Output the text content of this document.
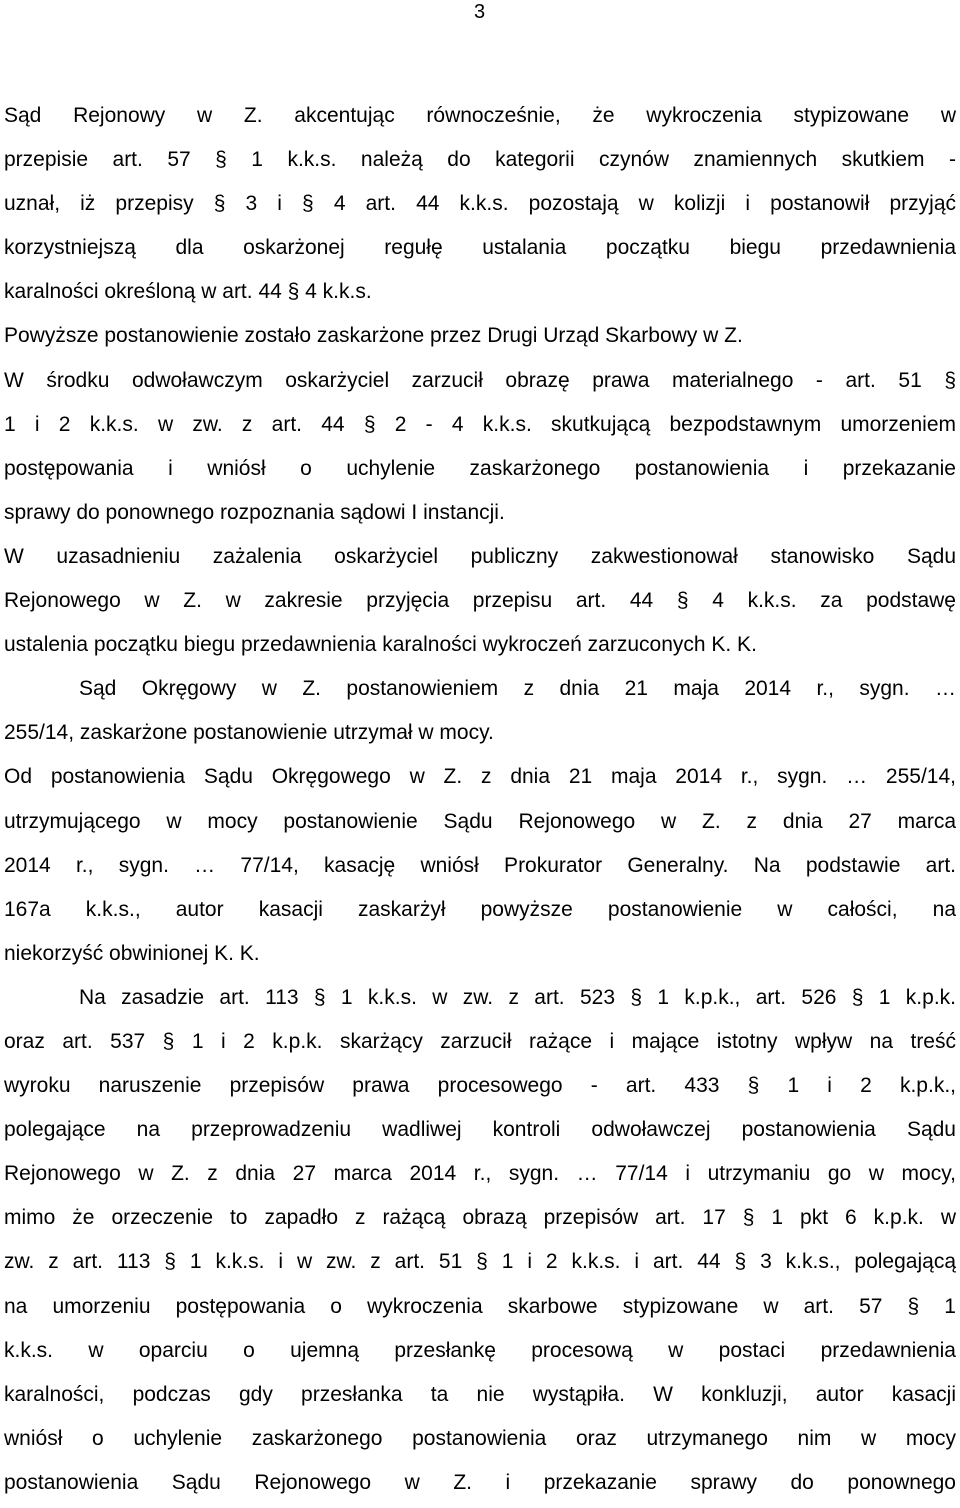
3
Sąd Rejonowy w Z. akcentując równocześnie, że wykroczenia stypizowane w
przepisie art. 57 § 1 k.k.s. należą do kategorii czynów znamiennych skutkiem -
uznał, iż przepisy § 3 i § 4 art. 44 k.k.s. pozostają w kolizji i postanowił przyjąć
korzystniejszą dla oskarżonej regułę ustalania początku biegu przedawnienia
karalności określoną w art. 44 § 4 k.k.s.
Powyższe postanowienie zostało zaskarżone przez Drugi Urząd Skarbowy w Z.
W środku odwoławczym oskarżyciel zarzucił obrazę prawa materialnego - art. 51 §
1 i 2 k.k.s. w zw. z art. 44 § 2 - 4 k.k.s. skutkującą bezpodstawnym umorzeniem
postępowania i wniósł o uchylenie zaskarżonego postanowienia i przekazanie
sprawy do ponownego rozpoznania sądowi I instancji.
W uzasadnieniu zażalenia oskarżyciel publiczny zakwestionował stanowisko Sądu
Rejonowego w Z. w zakresie przyjęcia przepisu art. 44 § 4 k.k.s. za podstawę
ustalenia początku biegu przedawnienia karalności wykroczeń zarzuconych K. K.
Sąd Okręgowy w Z. postanowieniem z dnia 21 maja 2014 r., sygn. …
255/14, zaskarżone postanowienie utrzymał w mocy.
Od postanowienia Sądu Okręgowego w Z. z dnia 21 maja 2014 r., sygn. … 255/14,
utrzymującego w mocy postanowienie Sądu Rejonowego w Z. z dnia 27 marca
2014 r., sygn. … 77/14, kasację wniósł Prokurator Generalny. Na podstawie art.
167a k.k.s., autor kasacji zaskarżył powyższe postanowienie w całości, na
niekorzyść obwinionej K. K.
Na zasadzie art. 113 § 1 k.k.s. w zw. z art. 523 § 1 k.p.k., art. 526 § 1 k.p.k.
oraz art. 537 § 1 i 2 k.p.k. skarżący zarzucił rażące i mające istotny wpływ na treść
wyroku naruszenie przepisów prawa procesowego - art. 433 § 1 i 2 k.p.k.,
polegające na przeprowadzeniu wadliwej kontroli odwoławczej postanowienia Sądu
Rejonowego w Z. z dnia 27 marca 2014 r., sygn. … 77/14 i utrzymaniu go w mocy,
mimo że orzeczenie to zapadło z rażącą obrazą przepisów art. 17 § 1 pkt 6 k.p.k. w
zw. z art. 113 § 1 k.k.s. i w zw. z art. 51 § 1 i 2 k.k.s. i art. 44 § 3 k.k.s., polegającą
na umorzeniu postępowania o wykroczenia skarbowe stypizowane w art. 57 § 1
k.k.s. w oparciu o ujemną przesłankę procesową w postaci przedawnienia
karalności, podczas gdy przesłanka ta nie wystąpiła. W konkluzji, autor kasacji
wniósł o uchylenie zaskarżonego postanowienia oraz utrzymanego nim w mocy
postanowienia Sądu Rejonowego w Z. i przekazanie sprawy do ponownego
